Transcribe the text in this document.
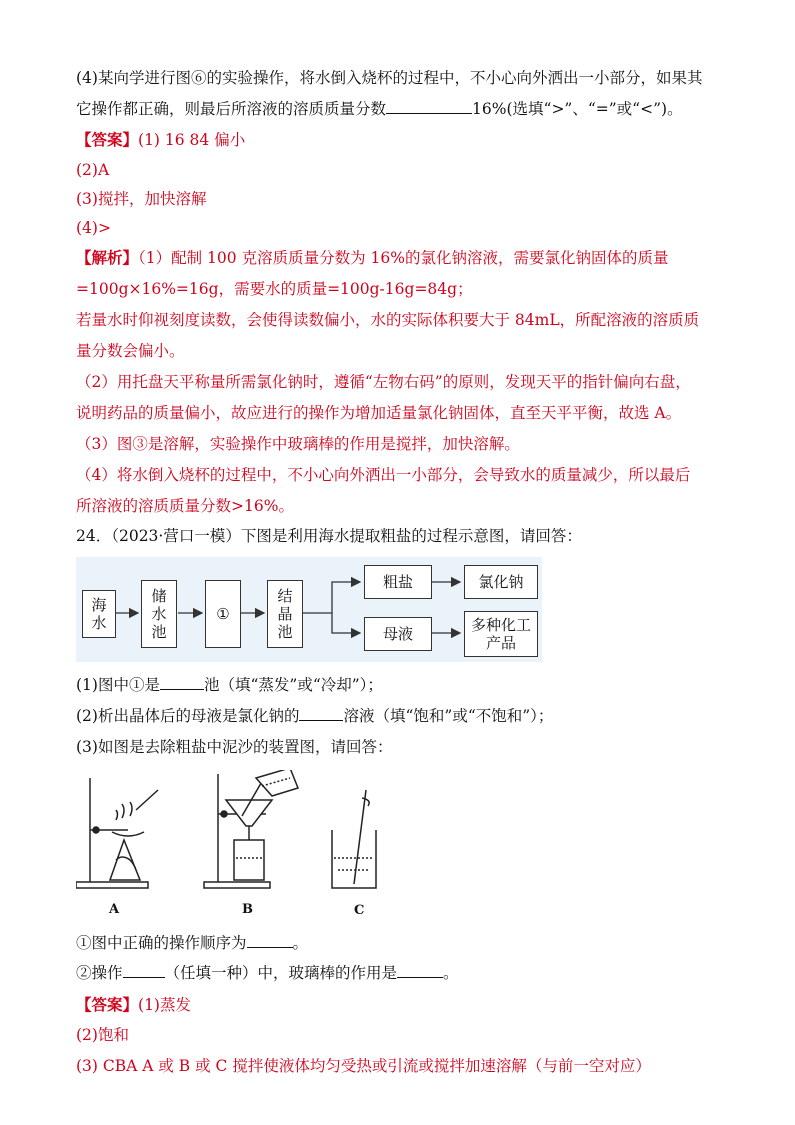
(4)某向学进行图⑥的实验操作，将水倒入烧杯的过程中，不小心向外洒出一小部分，如果其
它操作都正确，则最后所溶液的溶质质量分数	16%(选填“>”、“=”或“<”)。
【答案】(1) 16 84 偏小
(2)A
(3)搅拌，加快溶解
(4)>
【解析】（1）配制 100 克溶质质量分数为 16%的氯化钠溶液，需要氯化钠固体的质量
=100g×16%=16g，需要水的质量=100g-16g=84g；
若量水时仰视刻度读数，会使得读数偏小，水的实际体积要大于 84mL，所配溶液的溶质质
量分数会偏小。
（2）用托盘天平称量所需氯化钠时，遵循“左物右码”的原则，发现天平的指针偏向右盘，
说明药品的质量偏小，故应进行的操作为增加适量氯化钠固体，直至天平平衡，故选 A。
（3）图③是溶解，实验操作中玻璃棒的作用是搅拌，加快溶解。
（4）将水倒入烧杯的过程中，不小心向外洒出一小部分，会导致水的质量减少，所以最后
所溶液的溶质质量分数>16%。
24．（2023·营口一模）下图是利用海水提取粗盐的过程示意图，请回答：
海水
储水池
①
结晶池
粗盐	氯化钠
母液	多种化工产品
(1)图中①是	池（填“蒸发”或“冷却”）；
(2)析出晶体后的母液是氯化钠的	溶液（填“饱和”或“不饱和”）；
(3)如图是去除粗盐中泥沙的装置图，请回答：
A	B	C
①图中正确的操作顺序为	。
②操作	（任填一种）中，玻璃棒的作用是	。
【答案】(1)蒸发
(2)饱和
(3) CBA A 或 B 或 C 搅拌使液体均匀受热或引流或搅拌加速溶解（与前一空对应）
